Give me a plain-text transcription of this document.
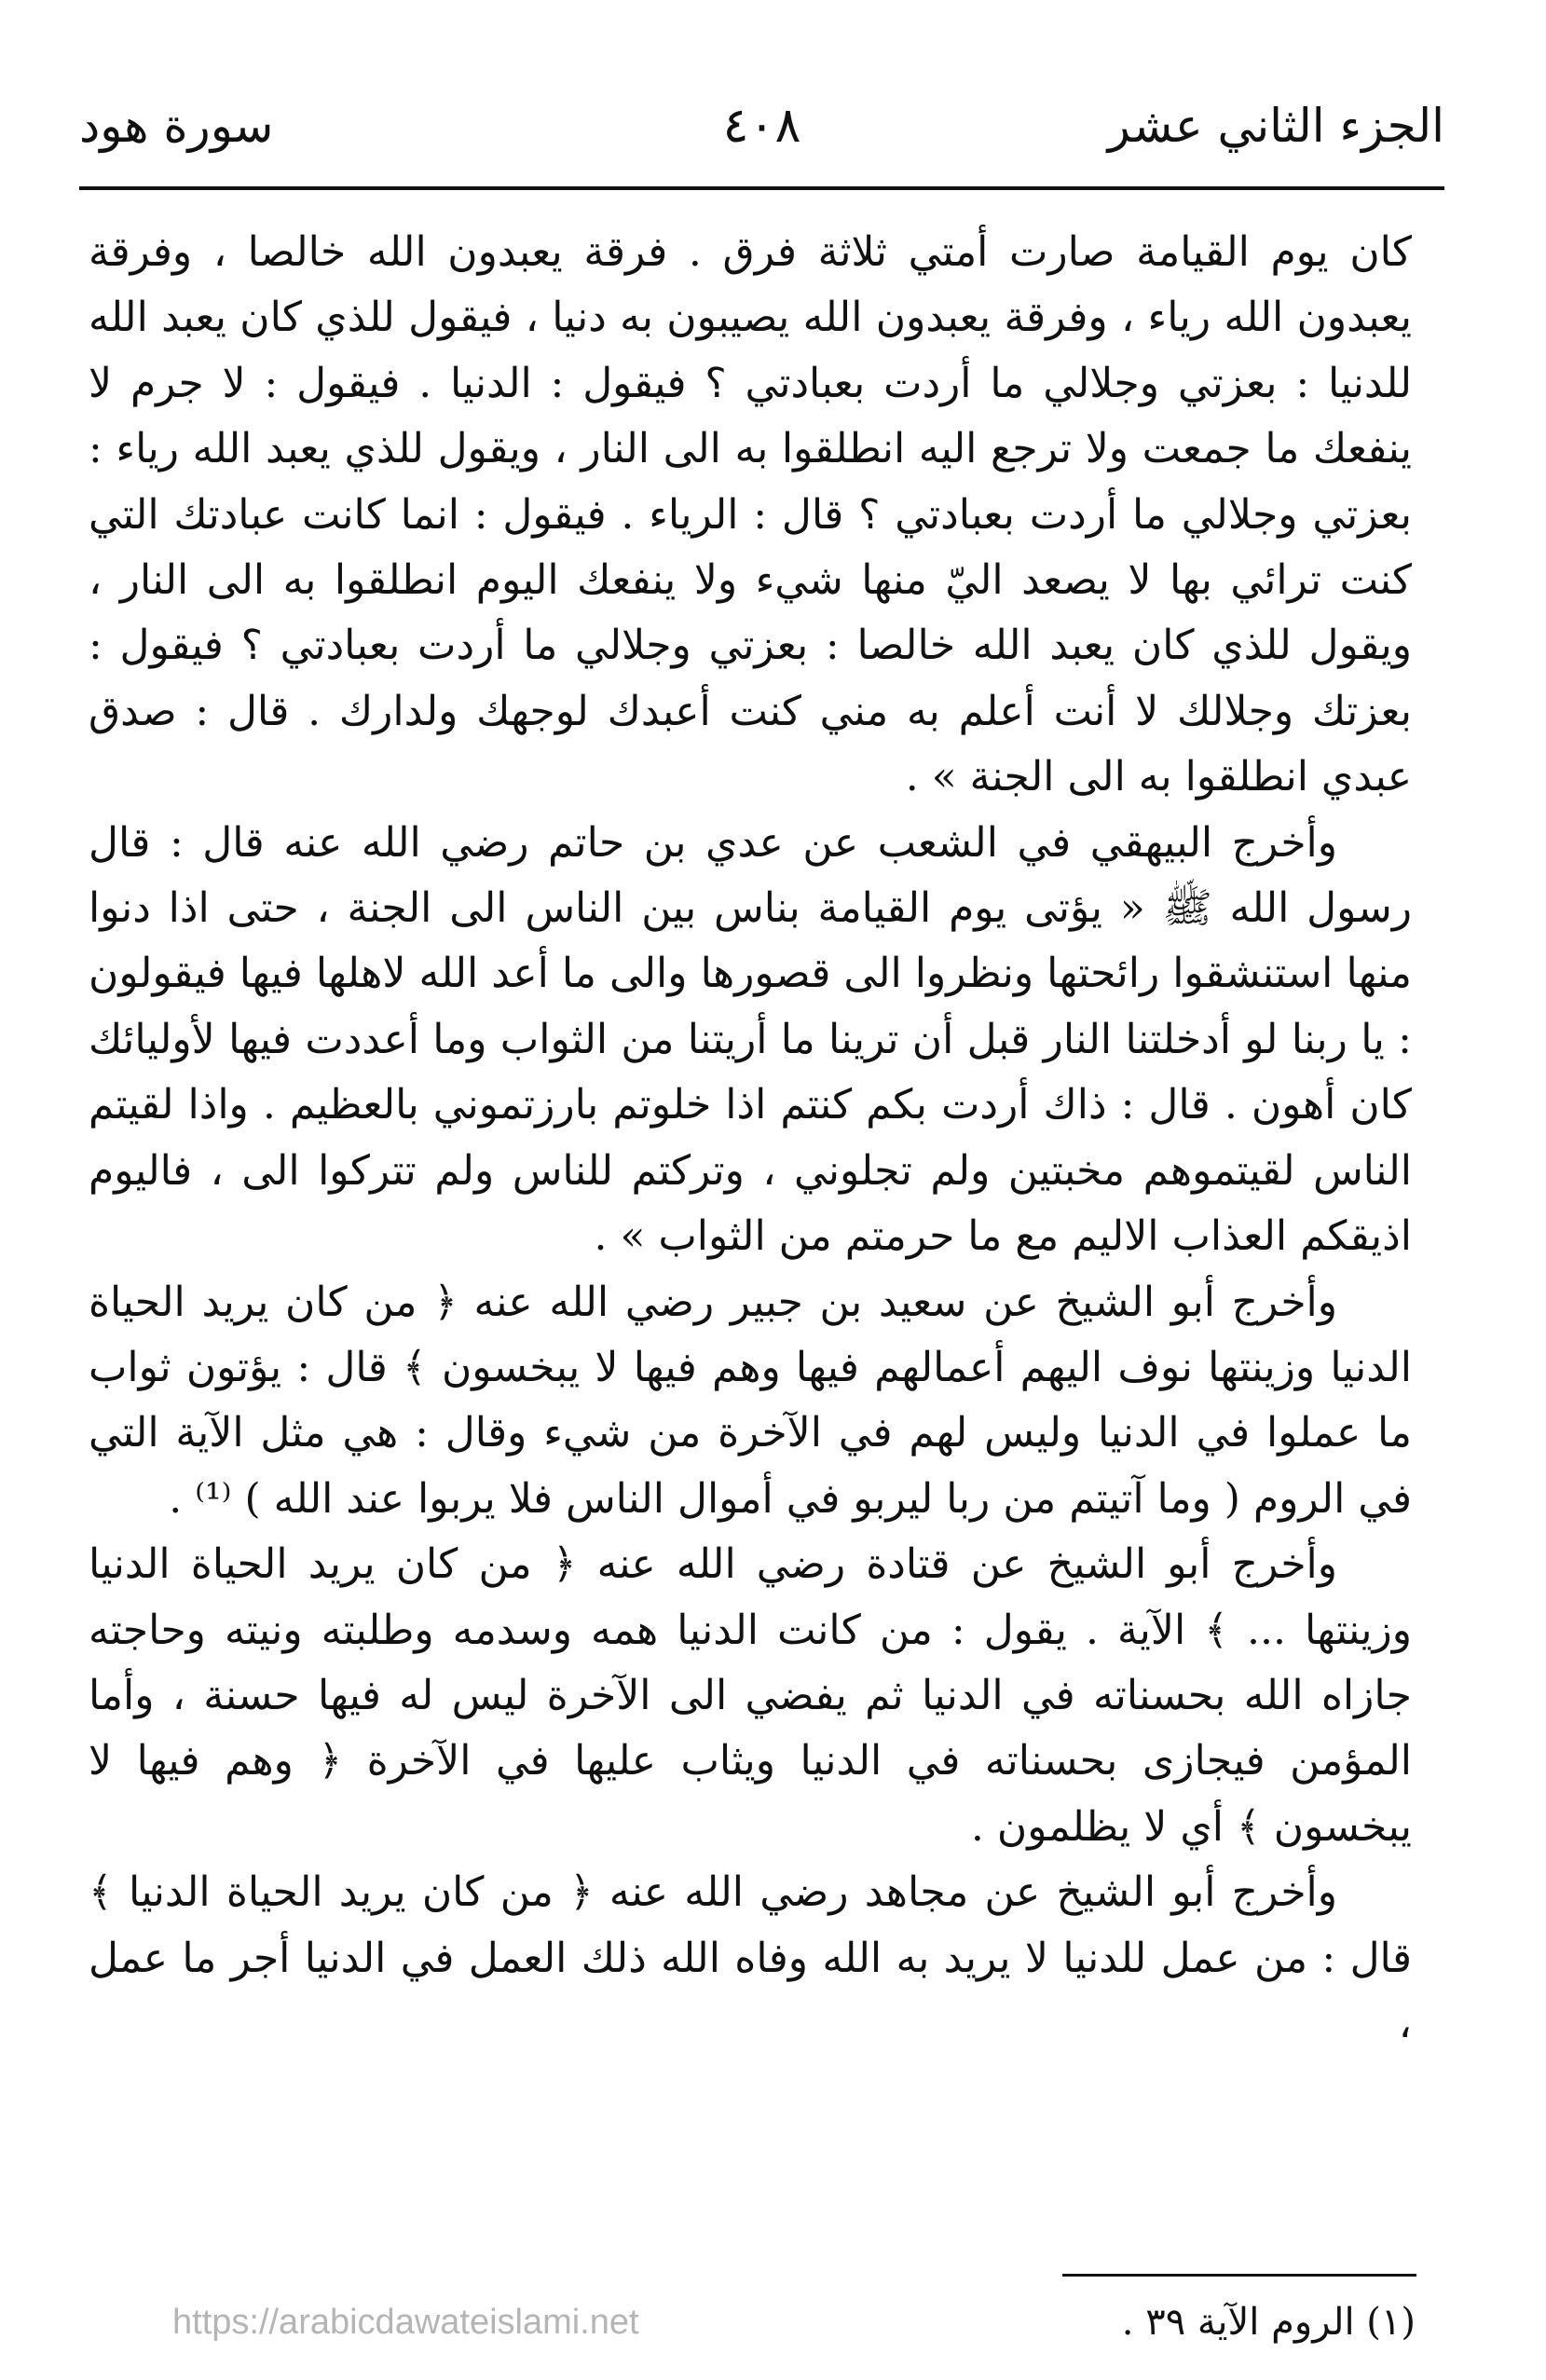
الجزء الثاني عشر
٤٠٨
سورة هود

كان يوم القيامة صارت أمتي ثلاثة فرق . فرقة يعبدون الله خالصا ، وفرقة يعبدون الله رياء ، وفرقة يعبدون الله يصيبون به دنيا ، فيقول للذي كان يعبد الله للدنيا : بعزتي وجلالي ما أردت بعبادتي ؟ فيقول : الدنيا . فيقول : لا جرم لا ينفعك ما جمعت ولا ترجع اليه انطلقوا به الى النار ، ويقول للذي يعبد الله رياء : بعزتي وجلالي ما أردت بعبادتي ؟ قال : الرياء . فيقول : انما كانت عبادتك التي كنت ترائي بها لا يصعد اليّ منها شيء ولا ينفعك اليوم انطلقوا به الى النار ، ويقول للذي كان يعبد الله خالصا : بعزتي وجلالي ما أردت بعبادتي ؟ فيقول : بعزتك وجلالك لا أنت أعلم به مني كنت أعبدك لوجهك ولدارك . قال : صدق عبدي انطلقوا به الى الجنة » .

وأخرج البيهقي في الشعب عن عدي بن حاتم رضي الله عنه قال : قال رسول الله ﷺ « يؤتى يوم القيامة بناس بين الناس الى الجنة ، حتى اذا دنوا منها استنشقوا رائحتها ونظروا الى قصورها والى ما أعد الله لاهلها فيها فيقولون : يا ربنا لو أدخلتنا النار قبل أن ترينا ما أريتنا من الثواب وما أعددت فيها لأوليائك كان أهون . قال : ذاك أردت بكم كنتم اذا خلوتم بارزتموني بالعظيم . واذا لقيتم الناس لقيتموهم مخبتين ولم تجلوني ، وتركتم للناس ولم تتركوا الى ، فاليوم اذيقكم العذاب الاليم مع ما حرمتم من الثواب » .

وأخرج أبو الشيخ عن سعيد بن جبير رضي الله عنه ﴿ من كان يريد الحياة الدنيا وزينتها نوف اليهم أعمالهم فيها وهم فيها لا يبخسون ﴾ قال : يؤتون ثواب ما عملوا في الدنيا وليس لهم في الآخرة من شيء وقال : هي مثل الآية التي في الروم ( وما آتيتم من ربا ليربو في أموال الناس فلا يربوا عند الله ) ⁽¹⁾ .

وأخرج أبو الشيخ عن قتادة رضي الله عنه ﴿ من كان يريد الحياة الدنيا وزينتها ... ﴾ الآية . يقول : من كانت الدنيا همه وسدمه وطلبته ونيته وحاجته جازاه الله بحسناته في الدنيا ثم يفضي الى الآخرة ليس له فيها حسنة ، وأما المؤمن فيجازى بحسناته في الدنيا ويثاب عليها في الآخرة ﴿ وهم فيها لا يبخسون ﴾ أي لا يظلمون .

وأخرج أبو الشيخ عن مجاهد رضي الله عنه ﴿ من كان يريد الحياة الدنيا ﴾ قال : من عمل للدنيا لا يريد به الله وفاه الله ذلك العمل في الدنيا أجر ما عمل ،

(١) الروم الآية ٣٩ .
https://arabicdawateislami.net
